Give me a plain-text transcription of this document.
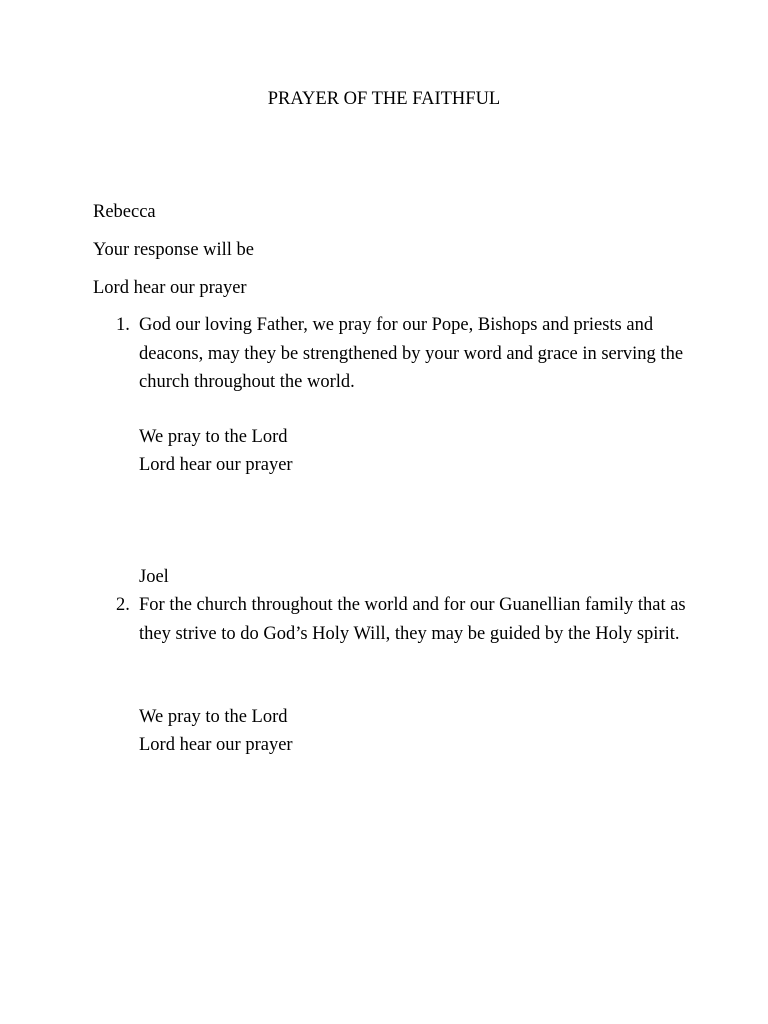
PRAYER OF THE FAITHFUL
Rebecca
Your response will be
Lord hear our prayer
1. God our loving Father, we pray for our Pope, Bishops and priests and deacons, may they be strengthened by your word and grace in serving the church throughout the world.
We pray to the Lord
Lord hear our prayer
Joel
2. For the church throughout the world and for our Guanellian family that as they strive to do God’s Holy Will, they may be guided by the Holy spirit.
We pray to the Lord
Lord hear our prayer
